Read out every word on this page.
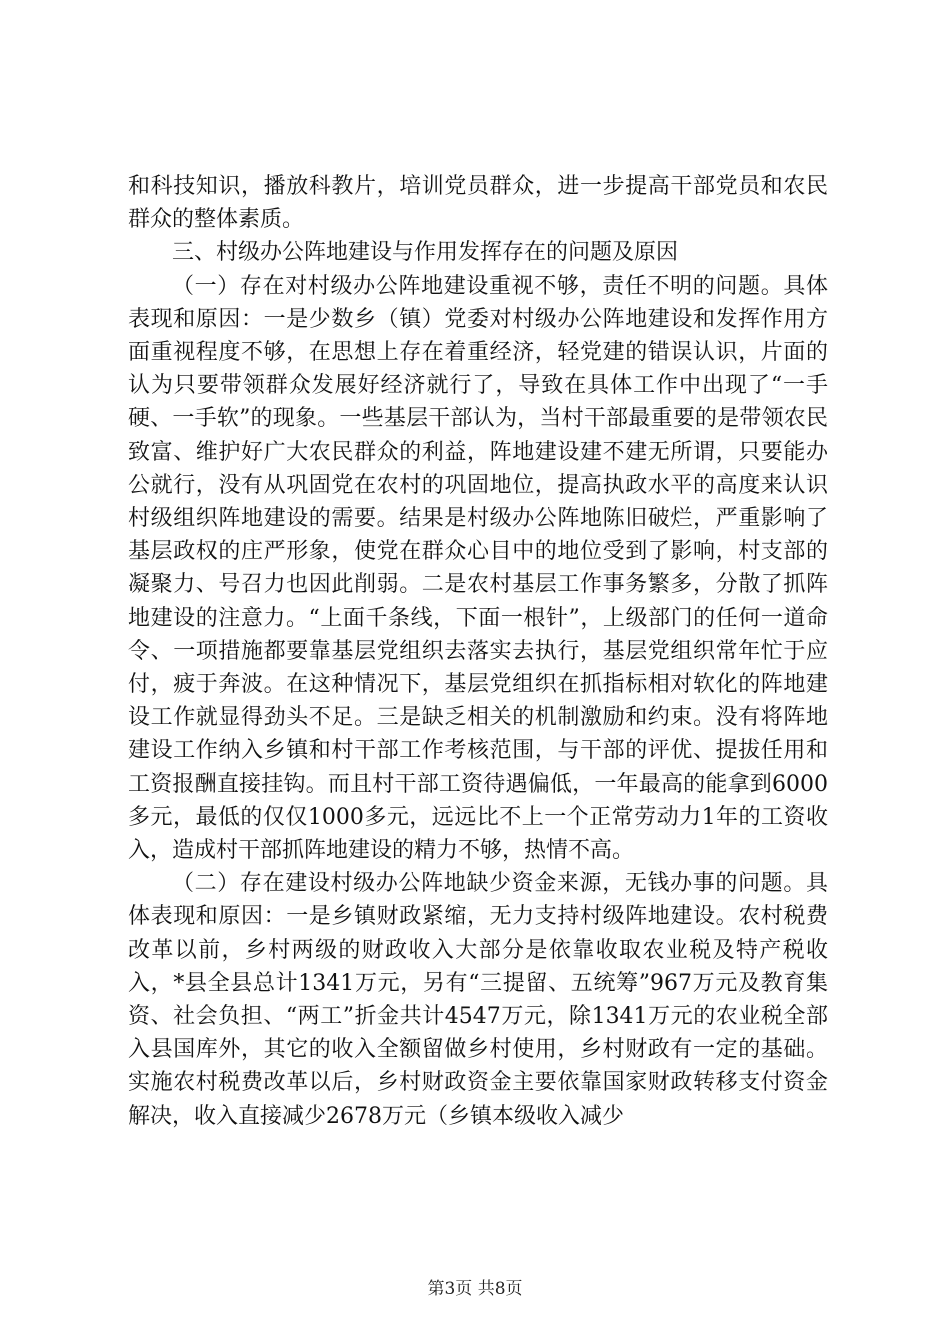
和科技知识，播放科教片，培训党员群众，进一步提高干部党员和农民群众的整体素质。

三、村级办公阵地建设与作用发挥存在的问题及原因

（一）存在对村级办公阵地建设重视不够，责任不明的问题。具体表现和原因：一是少数乡（镇）党委对村级办公阵地建设和发挥作用方面重视程度不够，在思想上存在着重经济，轻党建的错误认识，片面的认为只要带领群众发展好经济就行了，导致在具体工作中出现了“一手硬、一手软”的现象。一些基层干部认为，当村干部最重要的是带领农民致富、维护好广大农民群众的利益，阵地建设建不建无所谓，只要能办公就行，没有从巩固党在农村的巩固地位，提高执政水平的高度来认识村级组织阵地建设的需要。结果是村级办公阵地陈旧破烂，严重影响了基层政权的庄严形象，使党在群众心目中的地位受到了影响，村支部的凝聚力、号召力也因此削弱。二是农村基层工作事务繁多，分散了抓阵地建设的注意力。“上面千条线，下面一根针”，上级部门的任何一道命令、一项措施都要靠基层党组织去落实去执行，基层党组织常年忙于应付，疲于奔波。在这种情况下，基层党组织在抓指标相对软化的阵地建设工作就显得劲头不足。三是缺乏相关的机制激励和约束。没有将阵地建设工作纳入乡镇和村干部工作考核范围，与干部的评优、提拔任用和工资报酬直接挂钩。而且村干部工资待遇偏低，一年最高的能拿到6000多元，最低的仅仅1000多元，远远比不上一个正常劳动力1年的工资收入，造成村干部抓阵地建设的精力不够，热情不高。

（二）存在建设村级办公阵地缺少资金来源，无钱办事的问题。具体表现和原因：一是乡镇财政紧缩，无力支持村级阵地建设。农村税费改革以前，乡村两级的财政收入大部分是依靠收取农业税及特产税收入，*县全县总计1341万元，另有“三提留、五统筹”967万元及教育集资、社会负担、“两工”折金共计4547万元，除1341万元的农业税全部入县国库外，其它的收入全额留做乡村使用，乡村财政有一定的基础。实施农村税费改革以后，乡村财政资金主要依靠国家财政转移支付资金解决，收入直接减少2678万元（乡镇本级收入减少

第3页 共8页
